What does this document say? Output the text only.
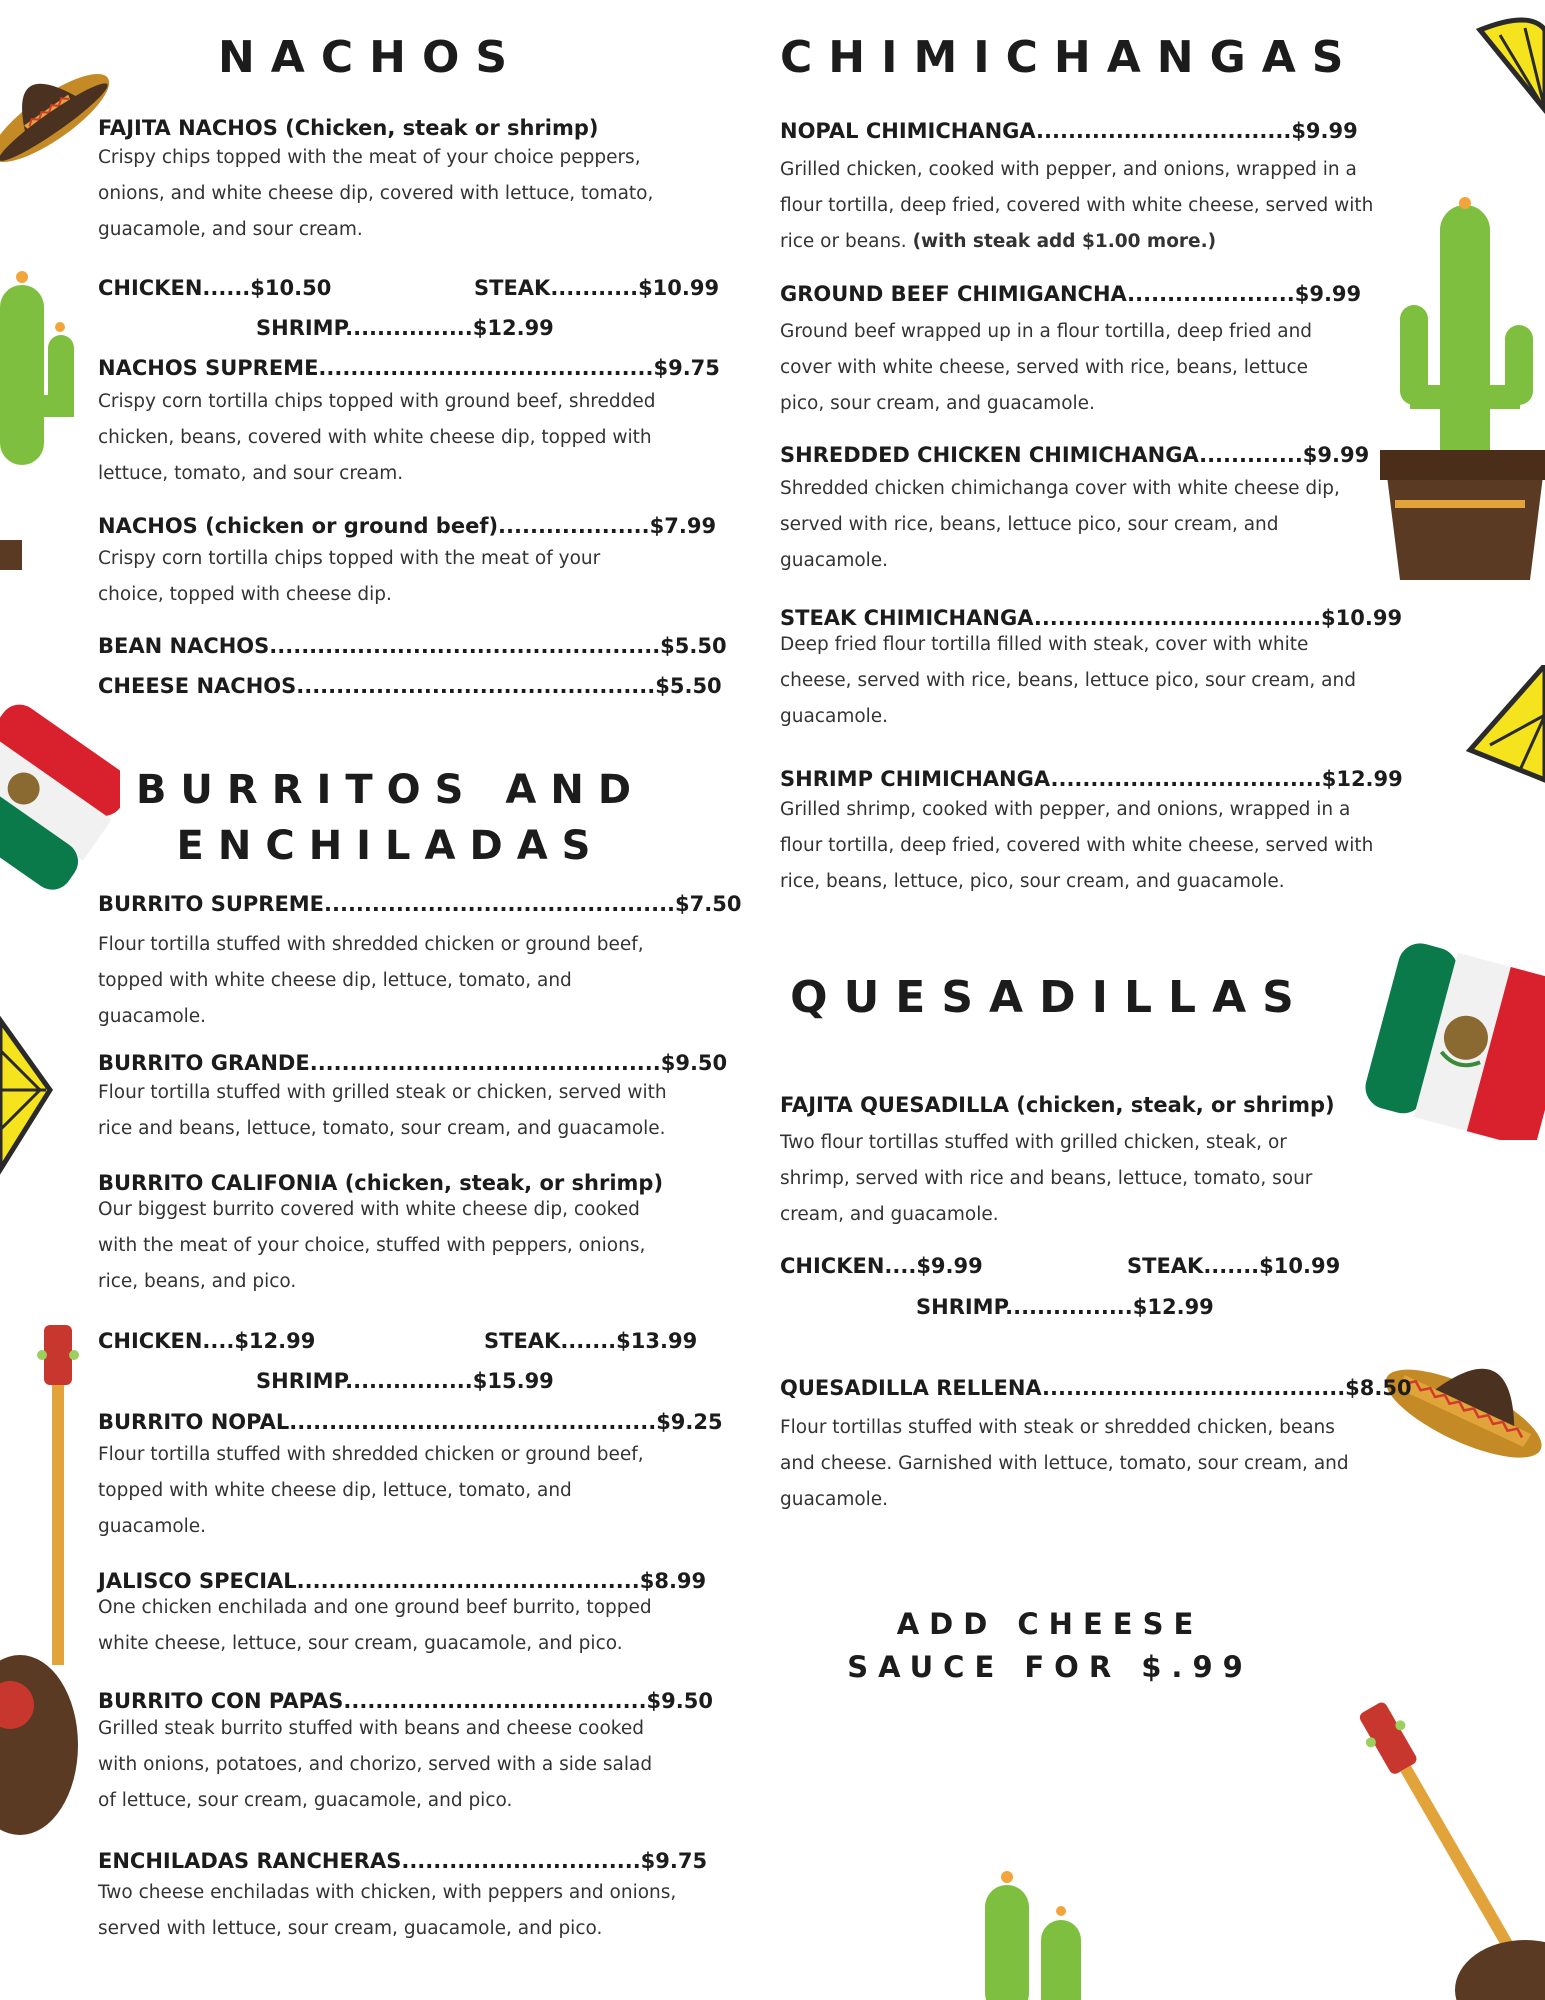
NACHOS

FAJITA NACHOS (Chicken, steak or shrimp)

Crispy chips topped with the meat of your choice peppers, onions, and white cheese dip, covered with lettuce, tomato, guacamole, and sour cream.

CHICKEN......$10.50	STEAK...........$10.99

SHRIMP................$12.99

NACHOS SUPREME..........................................$9.75

Crispy corn tortilla chips topped with ground beef, shredded chicken, beans, covered with white cheese dip, topped with lettuce, tomato, and sour cream.

NACHOS (chicken or ground beef)...................$7.99

Crispy corn tortilla chips topped with the meat of your choice, topped with cheese dip.

BEAN NACHOS.................................................$5.50

CHEESE NACHOS.............................................$5.50

BURRITOS AND
ENCHILADAS

BURRITO SUPREME............................................$7.50

Flour tortilla stuffed with shredded chicken or ground beef, topped with white cheese dip, lettuce, tomato, and guacamole.

BURRITO GRANDE............................................$9.50

Flour tortilla stuffed with grilled steak or chicken, served with rice and beans, lettuce, tomato, sour cream, and guacamole.

BURRITO CALIFONIA (chicken, steak, or shrimp)

Our biggest burrito covered with white cheese dip, cooked with the meat of your choice, stuffed with peppers, onions, rice, beans, and pico.

CHICKEN....$12.99	STEAK.......$13.99

SHRIMP................$15.99

BURRITO NOPAL..............................................$9.25

Flour tortilla stuffed with shredded chicken or ground beef, topped with white cheese dip, lettuce, tomato, and guacamole.

JALISCO SPECIAL...........................................$8.99

One chicken enchilada and one ground beef burrito, topped white cheese, lettuce, sour cream, guacamole, and pico.

BURRITO CON PAPAS......................................$9.50

Grilled steak burrito stuffed with beans and cheese cooked with onions, potatoes, and chorizo, served with a side salad of lettuce, sour cream, guacamole, and pico.

ENCHILADAS RANCHERAS..............................$9.75

Two cheese enchiladas with chicken, with peppers and onions, served with lettuce, sour cream, guacamole, and pico.

CHIMICHANGAS

NOPAL CHIMICHANGA................................$9.99

Grilled chicken, cooked with pepper, and onions, wrapped in a flour tortilla, deep fried, covered with white cheese, served with rice or beans. (with steak add $1.00 more.)

GROUND BEEF CHIMIGANCHA.....................$9.99

Ground beef wrapped up in a flour tortilla, deep fried and cover with white cheese, served with rice, beans, lettuce pico, sour cream, and guacamole.

SHREDDED CHICKEN CHIMICHANGA.............$9.99

Shredded chicken chimichanga cover with white cheese dip, served with rice, beans, lettuce pico, sour cream, and guacamole.

STEAK CHIMICHANGA....................................$10.99

Deep fried flour tortilla filled with steak, cover with white cheese, served with rice, beans, lettuce pico, sour cream, and guacamole.

SHRIMP CHIMICHANGA..................................$12.99

Grilled shrimp, cooked with pepper, and onions, wrapped in a flour tortilla, deep fried, covered with white cheese, served with rice, beans, lettuce, pico, sour cream, and guacamole.

QUESADILLAS

FAJITA QUESADILLA (chicken, steak, or shrimp)

Two flour tortillas stuffed with grilled chicken, steak, or shrimp, served with rice and beans, lettuce, tomato, sour cream, and guacamole.

CHICKEN....$9.99	STEAK.......$10.99

SHRIMP................$12.99

QUESADILLA RELLENA......................................$8.50

Flour tortillas stuffed with steak or shredded chicken, beans and cheese. Garnished with lettuce, tomato, sour cream, and guacamole.

ADD CHEESE
SAUCE FOR $.99
